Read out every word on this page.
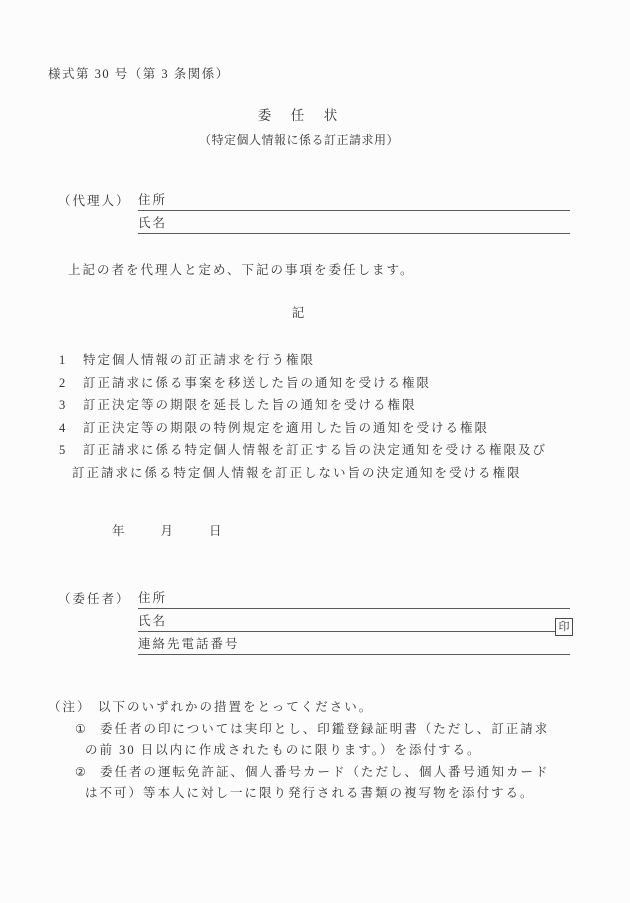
様式第 30 号（第 3 条関係）
委　任　状
（特定個人情報に係る訂正請求用）
（代理人） 住所
氏名
上記の者を代理人と定め、下記の事項を委任します。
記
1	特定個人情報の訂正請求を行う権限
2	訂正請求に係る事案を移送した旨の通知を受ける権限
3	訂正決定等の期限を延長した旨の通知を受ける権限
4	訂正決定等の期限の特例規定を適用した旨の通知を受ける権限
5	訂正請求に係る特定個人情報を訂正する旨の決定通知を受ける権限及び
訂正請求に係る特定個人情報を訂正しない旨の決定通知を受ける権限
年	月	日
（委任者） 住所
氏名	印
連絡先電話番号
（注） 以下のいずれかの措置をとってください。
①	委任者の印については実印とし、印鑑登録証明書（ただし、訂正請求
の前 30 日以内に作成されたものに限ります。）を添付する。
②	委任者の運転免許証、個人番号カード（ただし、個人番号通知カード
は不可）等本人に対し一に限り発行される書類の複写物を添付する。
